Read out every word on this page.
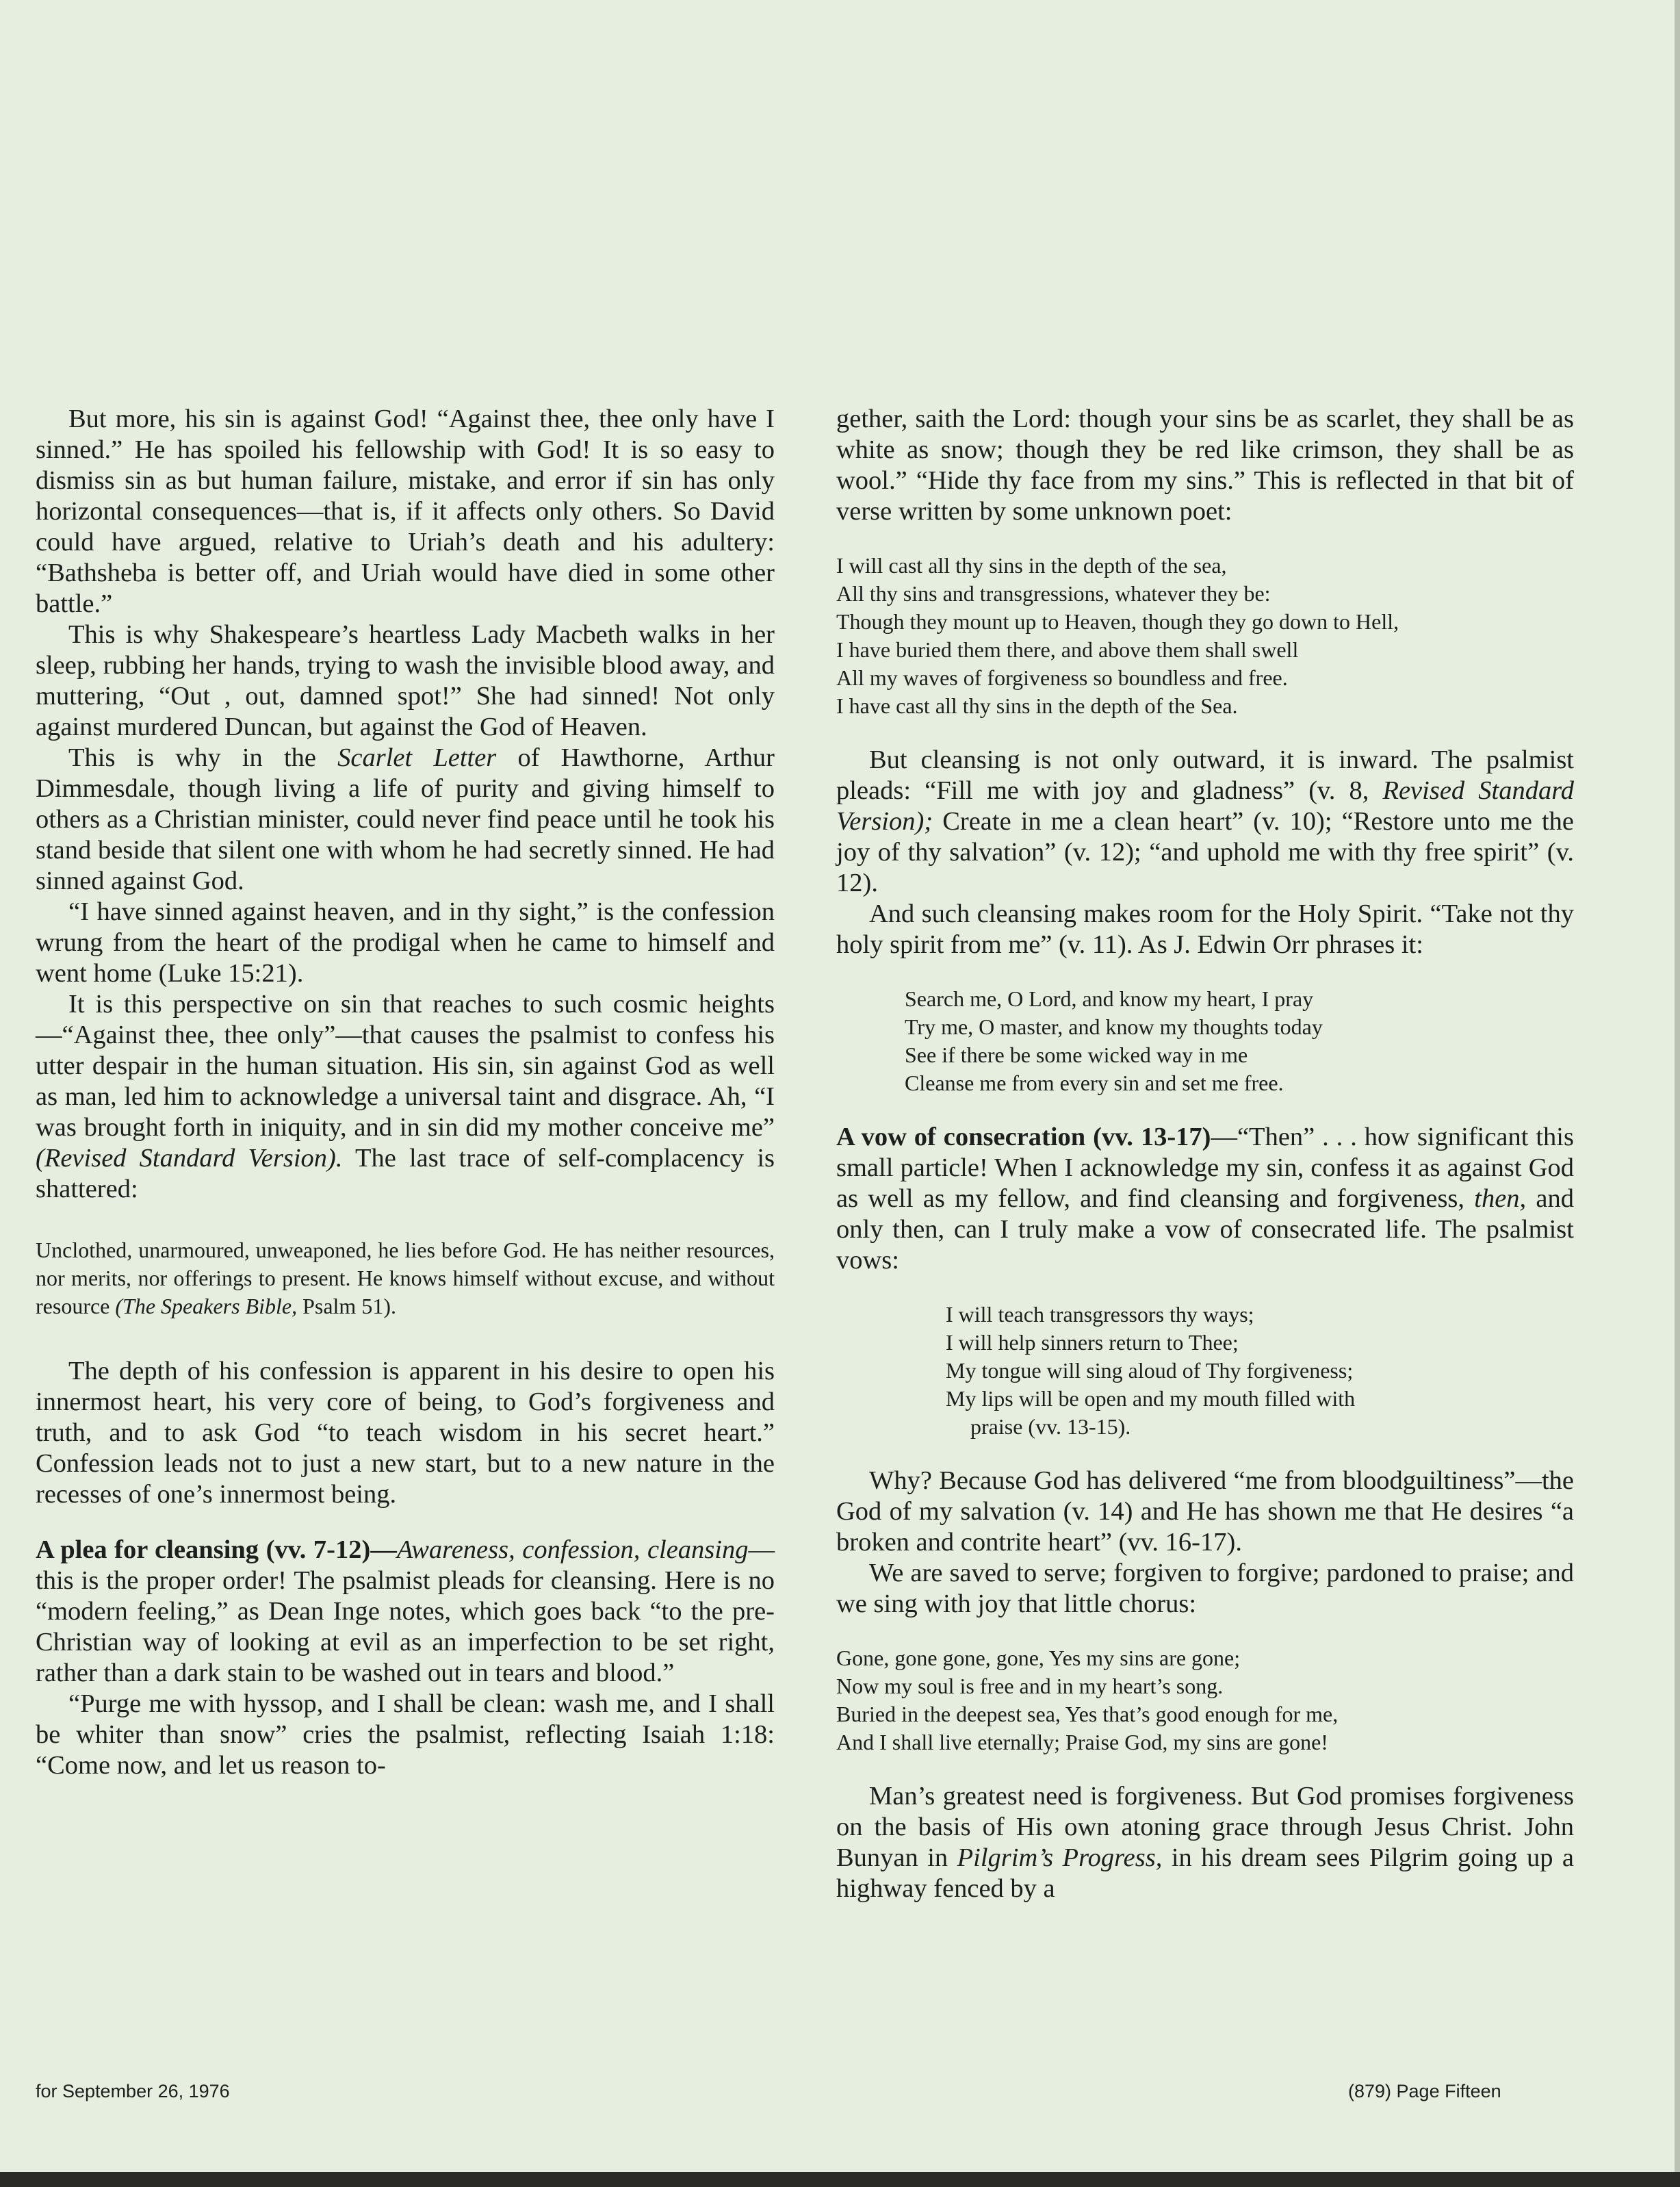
But more, his sin is against God! “Against thee, thee only have I sinned.” He has spoiled his fellowship with God! It is so easy to dismiss sin as but human failure, mistake, and error if sin has only horizontal consequences—that is, if it affects only others. So David could have argued, relative to Uriah’s death and his adultery: “Bathsheba is better off, and Uriah would have died in some other battle.”

This is why Shakespeare’s heartless Lady Macbeth walks in her sleep, rubbing her hands, trying to wash the invisible blood away, and muttering, “Out , out, damned spot!” She had sinned! Not only against murdered Duncan, but against the God of Heaven.

This is why in the Scarlet Letter of Hawthorne, Arthur Dimmesdale, though living a life of purity and giving himself to others as a Christian minister, could never find peace until he took his stand beside that silent one with whom he had secretly sinned. He had sinned against God.

“I have sinned against heaven, and in thy sight,” is the confession wrung from the heart of the prodigal when he came to himself and went home (Luke 15:21).

It is this perspective on sin that reaches to such cosmic heights—“Against thee, thee only”—that causes the psalmist to confess his utter despair in the human situation. His sin, sin against God as well as man, led him to acknowledge a universal taint and disgrace. Ah, “I was brought forth in iniquity, and in sin did my mother conceive me” (Revised Standard Version). The last trace of self-complacency is shattered:

Unclothed, unarmoured, unweaponed, he lies before God. He has neither resources, nor merits, nor offerings to present. He knows himself without excuse, and without resource (The Speakers Bible, Psalm 51).

The depth of his confession is apparent in his desire to open his innermost heart, his very core of being, to God’s forgiveness and truth, and to ask God “to teach wisdom in his secret heart.” Confession leads not to just a new start, but to a new nature in the recesses of one’s innermost being.

A plea for cleansing (vv. 7-12)—Awareness, confession, cleansing—this is the proper order! The psalmist pleads for cleansing. Here is no “modern feeling,” as Dean Inge notes, which goes back “to the pre-Christian way of looking at evil as an imperfection to be set right, rather than a dark stain to be washed out in tears and blood.”

“Purge me with hyssop, and I shall be clean: wash me, and I shall be whiter than snow” cries the psalmist, reflecting Isaiah 1:18: “Come now, and let us reason to-

gether, saith the Lord: though your sins be as scarlet, they shall be as white as snow; though they be red like crimson, they shall be as wool.” “Hide thy face from my sins.” This is reflected in that bit of verse written by some unknown poet:

I will cast all thy sins in the depth of the sea,
All thy sins and transgressions, whatever they be:
Though they mount up to Heaven, though they go down to Hell,
I have buried them there, and above them shall swell
All my waves of forgiveness so boundless and free.
I have cast all thy sins in the depth of the Sea.

But cleansing is not only outward, it is inward. The psalmist pleads: “Fill me with joy and gladness” (v. 8, Revised Standard Version); Create in me a clean heart” (v. 10); “Restore unto me the joy of thy salvation” (v. 12); “and uphold me with thy free spirit” (v. 12).

And such cleansing makes room for the Holy Spirit. “Take not thy holy spirit from me” (v. 11). As J. Edwin Orr phrases it:

Search me, O Lord, and know my heart, I pray
Try me, O master, and know my thoughts today
See if there be some wicked way in me
Cleanse me from every sin and set me free.

A vow of consecration (vv. 13-17)—“Then” . . . how significant this small particle! When I acknowledge my sin, confess it as against God as well as my fellow, and find cleansing and forgiveness, then, and only then, can I truly make a vow of consecrated life. The psalmist vows:

I will teach transgressors thy ways;
I will help sinners return to Thee;
My tongue will sing aloud of Thy forgiveness;
My lips will be open and my mouth filled with
praise (vv. 13-15).

Why? Because God has delivered “me from bloodguiltiness”—the God of my salvation (v. 14) and He has shown me that He desires “a broken and contrite heart” (vv. 16-17).

We are saved to serve; forgiven to forgive; pardoned to praise; and we sing with joy that little chorus:

Gone, gone gone, gone, Yes my sins are gone;
Now my soul is free and in my heart’s song.
Buried in the deepest sea, Yes that’s good enough for me,
And I shall live eternally; Praise God, my sins are gone!

Man’s greatest need is forgiveness. But God promises forgiveness on the basis of His own atoning grace through Jesus Christ. John Bunyan in Pilgrim’s Progress, in his dream sees Pilgrim going up a highway fenced by a

for September 26, 1976	(879) Page Fifteen
